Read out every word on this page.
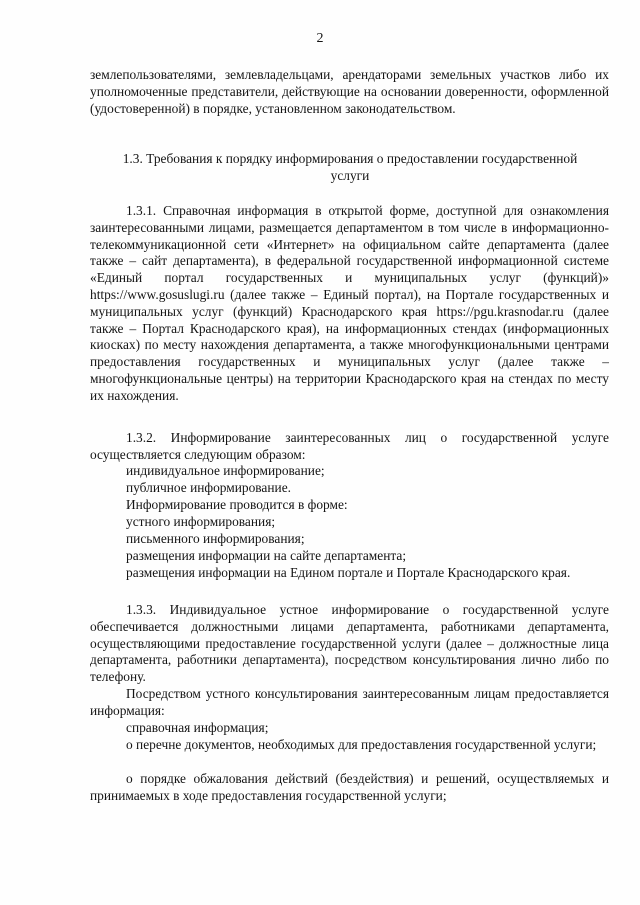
2

землепользователями, землевладельцами, арендаторами земельных участков либо их уполномоченные представители, действующие на основании доверенности, оформленной (удостоверенной) в порядке, установленном законодательством.

1.3. Требования к порядку информирования о предоставлении государственной услуги

1.3.1. Справочная информация в открытой форме, доступной для ознакомления заинтересованными лицами, размещается департаментом в том числе в информационно-телекоммуникационной сети «Интернет» на официальном сайте департамента (далее также – сайт департамента), в федеральной государственной информационной системе «Единый портал государственных и муниципальных услуг (функций)» https://www.gosuslugi.ru (далее также – Единый портал), на Портале государственных и муниципальных услуг (функций) Краснодарского края https://pgu.krasnodar.ru (далее также – Портал Краснодарского края), на информационных стендах (информационных киосках) по месту нахождения департамента, а также многофункциональными центрами предоставления государственных и муниципальных услуг (далее также – многофункциональные центры) на территории Краснодарского края на стендах по месту их нахождения.

1.3.2. Информирование заинтересованных лиц о государственной услуге осуществляется следующим образом:

индивидуальное информирование;

публичное информирование.

Информирование проводится в форме:

устного информирования;

письменного информирования;

размещения информации на сайте департамента;

размещения информации на Едином портале и Портале Краснодарского края.

1.3.3. Индивидуальное устное информирование о государственной услуге обеспечивается должностными лицами департамента, работниками департамента, осуществляющими предоставление государственной услуги (далее – должностные лица департамента, работники департамента), посредством консультирования лично либо по телефону.

Посредством устного консультирования заинтересованным лицам предоставляется информация:

справочная информация;

о перечне документов, необходимых для предоставления государственной услуги;

о порядке обжалования действий (бездействия) и решений, осуществляемых и принимаемых в ходе предоставления государственной услуги;
